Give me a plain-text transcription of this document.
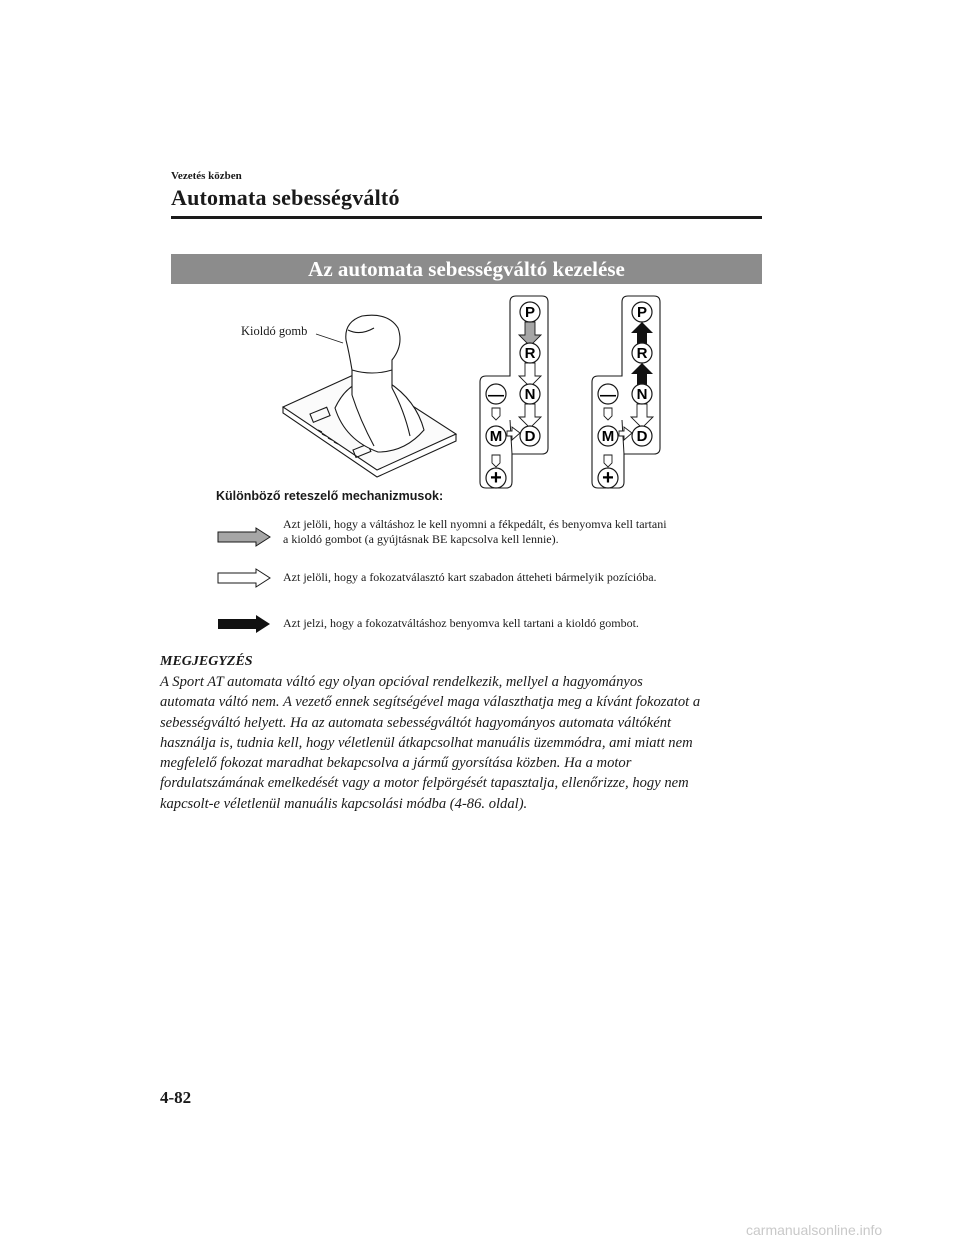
Vezetés közben
Automata sebességváltó
Az automata sebességváltó kezelése
Kioldó gomb
P
R
N
M D
—
+
P
R
N
M D
—
+
Különböző reteszelő mechanizmusok:
Azt jelöli, hogy a váltáshoz le kell nyomni a fékpedált, és benyomva kell tartani
a kioldó gombot (a gyújtásnak BE kapcsolva kell lennie).
Azt jelöli, hogy a fokozatválasztó kart szabadon átteheti bármelyik pozícióba.
Azt jelzi, hogy a fokozatváltáshoz benyomva kell tartani a kioldó gombot.
MEGJEGYZÉS
A Sport AT automata váltó egy olyan opcióval rendelkezik, mellyel a hagyományos
automata váltó nem. A vezető ennek segítségével maga választhatja meg a kívánt fokozatot a
sebességváltó helyett. Ha az automata sebességváltót hagyományos automata váltóként
használja is, tudnia kell, hogy véletlenül átkapcsolhat manuális üzemmódra, ami miatt nem
megfelelő fokozat maradhat bekapcsolva a jármű gyorsítása közben. Ha a motor
fordulatszámának emelkedését vagy a motor felpörgését tapasztalja, ellenőrizze, hogy nem
kapcsolt-e véletlenül manuális kapcsolási módba (4-86. oldal).
4-82
carmanualsonline.info
